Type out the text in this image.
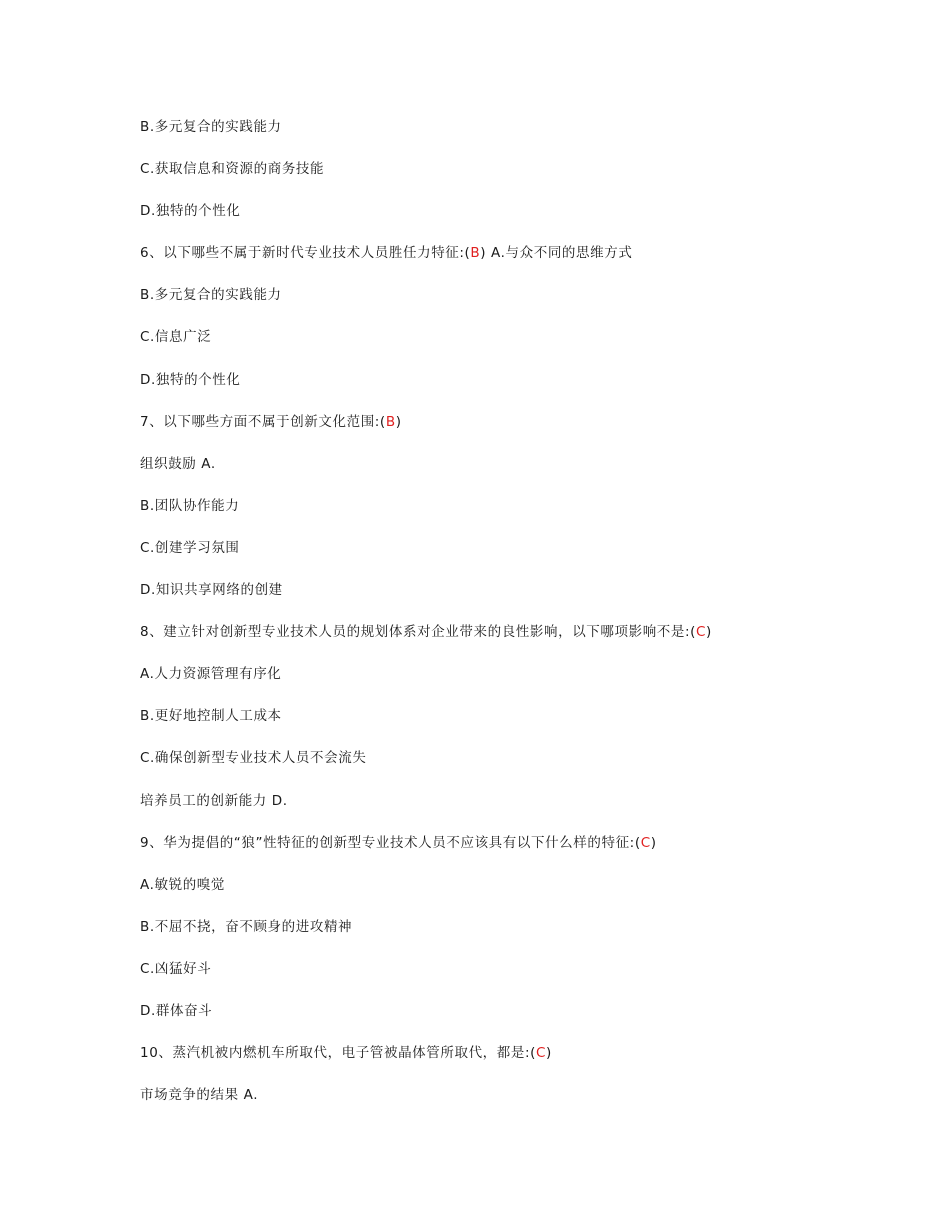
B.多元复合的实践能力
C.获取信息和资源的商务技能
D.独特的个性化
6、以下哪些不属于新时代专业技术人员胜任力特征:(B) A.与众不同的思维方式
B.多元复合的实践能力
C.信息广泛
D.独特的个性化
7、以下哪些方面不属于创新文化范围:(B)
组织鼓励 A.
B.团队协作能力
C.创建学习氛围
D.知识共享网络的创建
8、建立针对创新型专业技术人员的规划体系对企业带来的良性影响，以下哪项影响不是:(C)
A.人力资源管理有序化
B.更好地控制人工成本
C.确保创新型专业技术人员不会流失
培养员工的创新能力 D.
9、华为提倡的“狼”性特征的创新型专业技术人员不应该具有以下什么样的特征:(C)
A.敏锐的嗅觉
B.不屈不挠，奋不顾身的进攻精神
C.凶猛好斗
D.群体奋斗
10、蒸汽机被内燃机车所取代，电子管被晶体管所取代，都是:(C)
市场竞争的结果 A.
